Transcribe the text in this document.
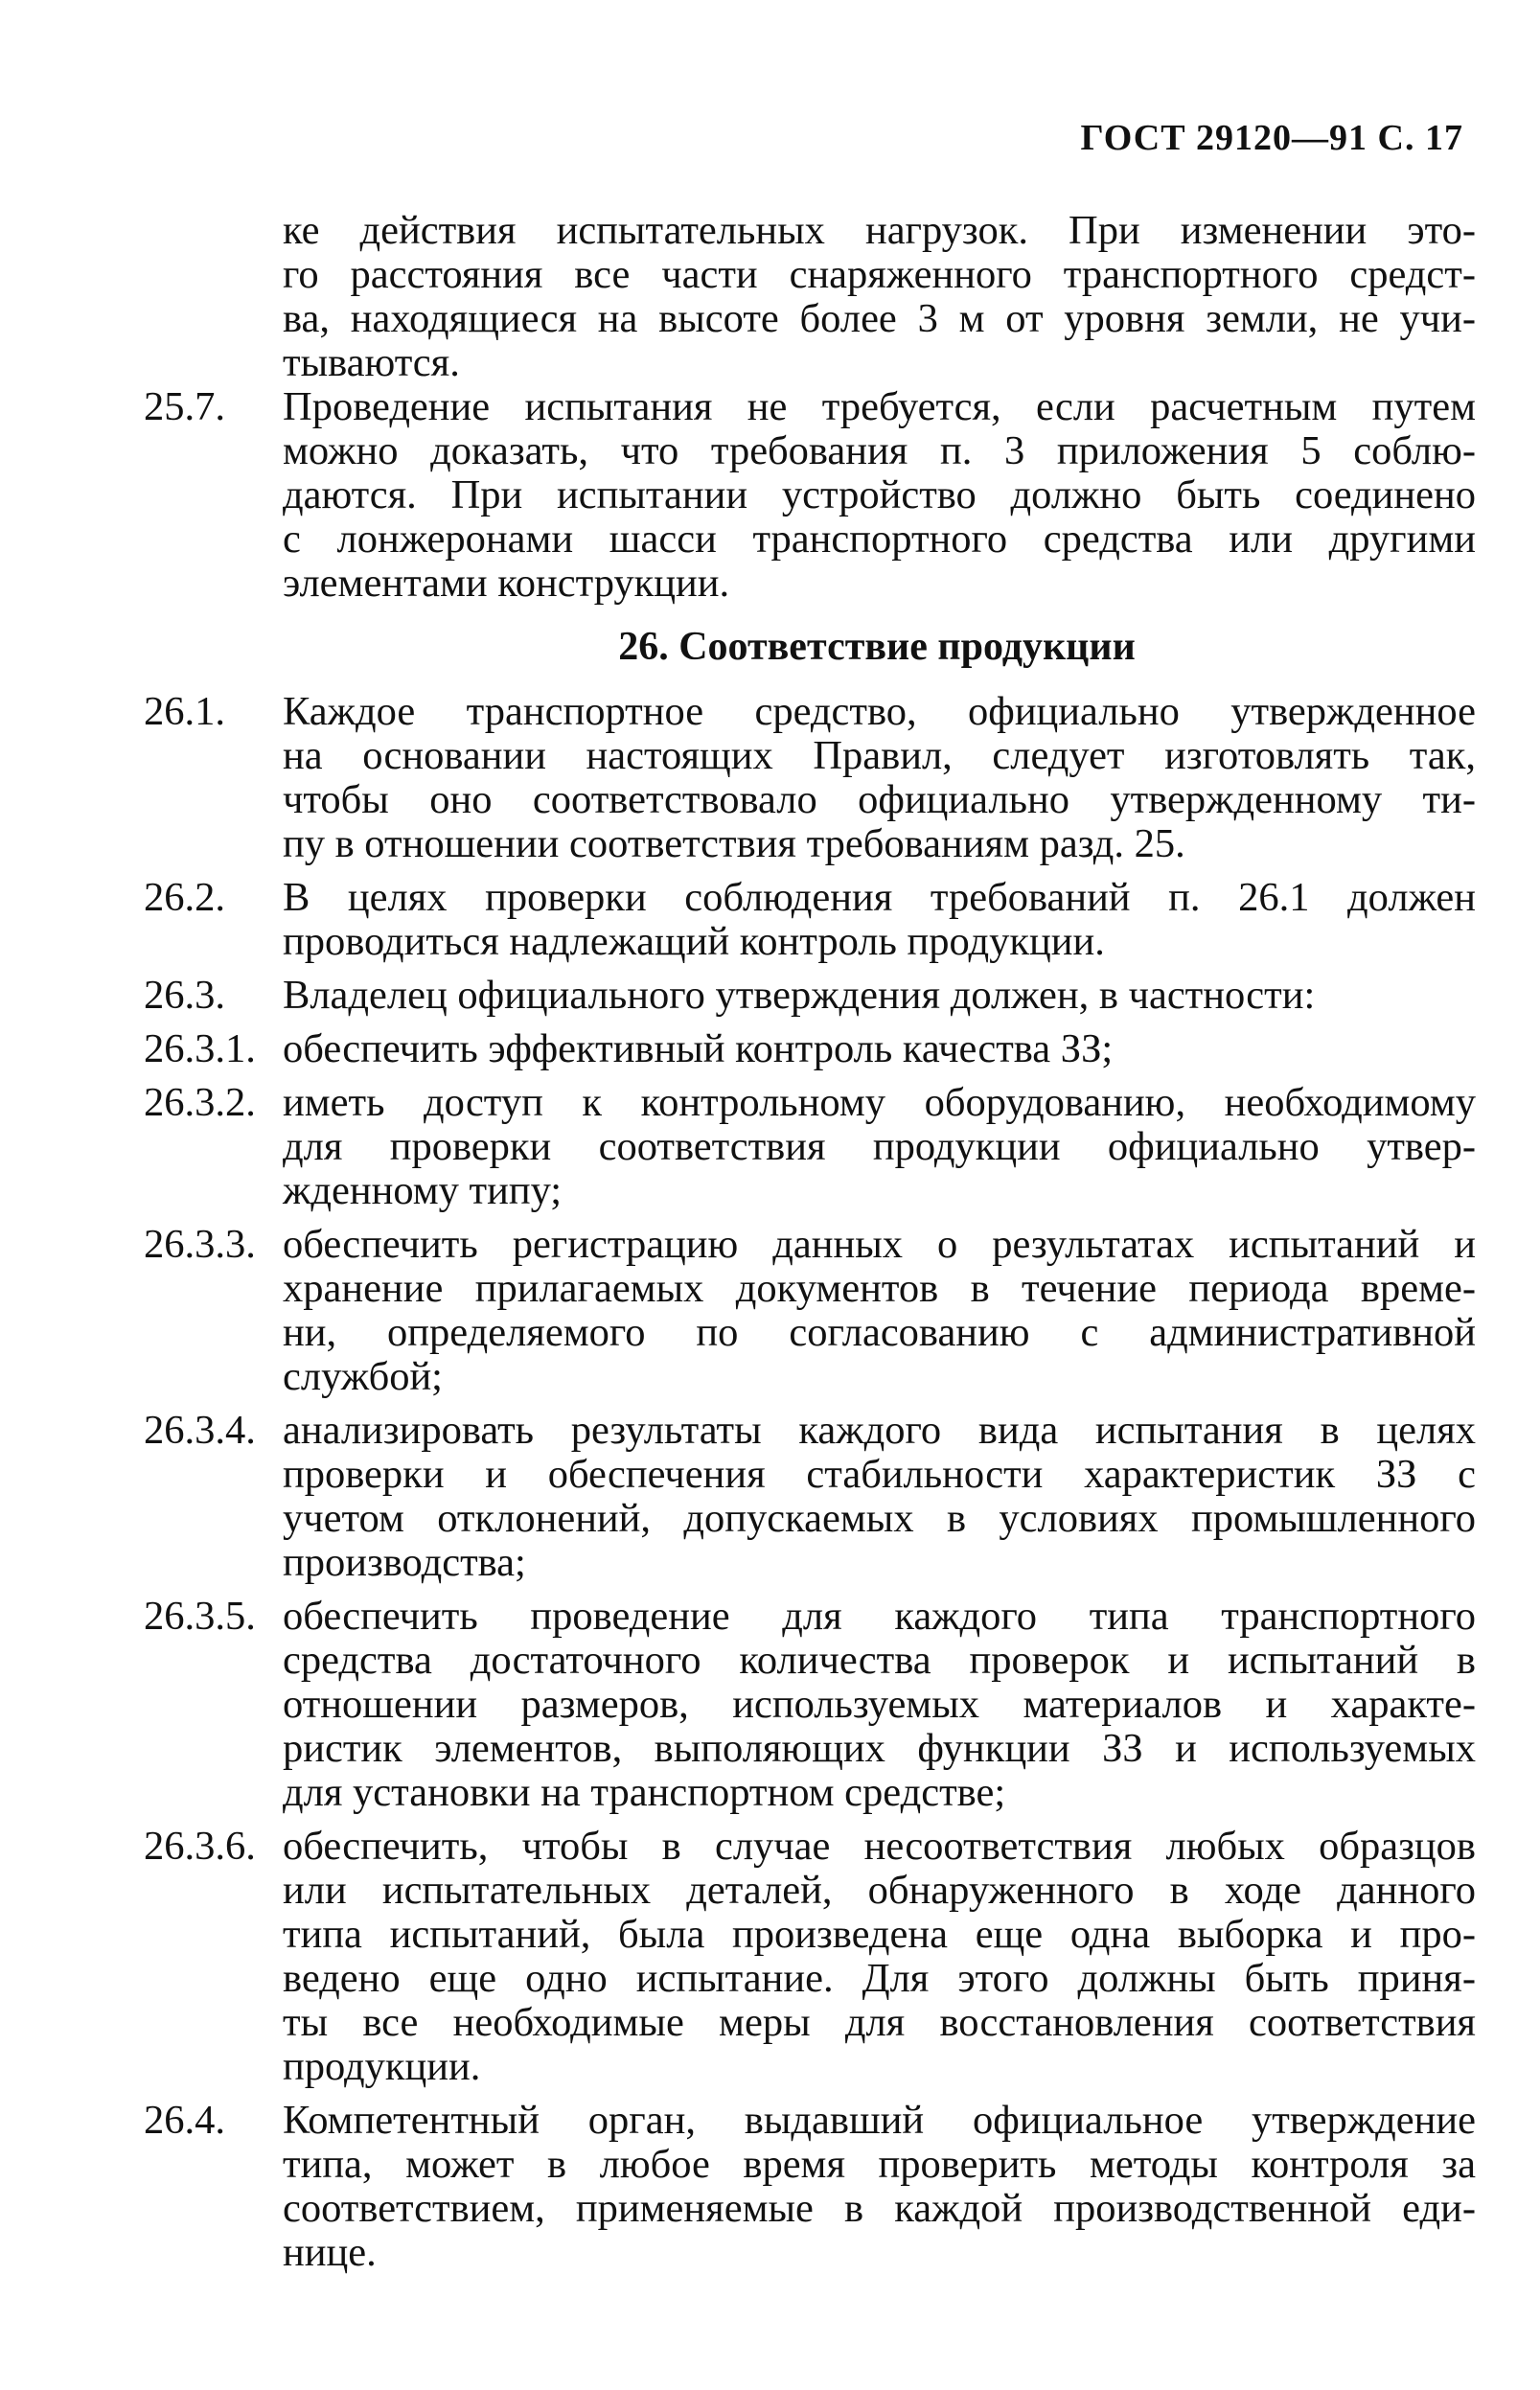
ГОСТ 29120—91 С. 17
ке действия испытательных нагрузок. При изменении это-
го расстояния все части снаряженного транспортного средст-
ва, находящиеся на высоте более 3 м от уровня земли, не учи-
тываются.
25.7.	Проведение испытания не требуется, если расчетным путем
можно доказать, что требования п. 3 приложения 5 соблю-
даются. При испытании устройство должно быть соединено
с лонжеронами шасси транспортного средства или другими
элементами конструкции.
26. Соответствие продукции
26.1.	Каждое транспортное средство, официально утвержденное
на основании настоящих Правил, следует изготовлять так,
чтобы оно соответствовало официально утвержденному ти-
пу в отношении соответствия требованиям разд. 25.
26.2.	В целях проверки соблюдения требований п. 26.1 должен
проводиться надлежащий контроль продукции.
26.3.	Владелец официального утверждения должен, в частности:
26.3.1. обеспечить эффективный контроль качества ЗЗ;
26.3.2. иметь доступ к контрольному оборудованию, необходимому
для проверки соответствия продукции официально утвер-
жденному типу;
26.3.3. обеспечить регистрацию данных о результатах испытаний и
хранение прилагаемых документов в течение периода време-
ни, определяемого по согласованию с административной
службой;
26.3.4. анализировать результаты каждого вида испытания в целях
проверки и обеспечения стабильности характеристик ЗЗ с
учетом отклонений, допускаемых в условиях промышленного
производства;
26.3.5. обеспечить проведение для каждого типа транспортного
средства достаточного количества проверок и испытаний в
отношении размеров, используемых материалов и характе-
ристик элементов, выполяющих функции ЗЗ и используемых
для установки на транспортном средстве;
26.3.6. обеспечить, чтобы в случае несоответствия любых образцов
или испытательных деталей, обнаруженного в ходе данного
типа испытаний, была произведена еще одна выборка и про-
ведено еще одно испытание. Для этого должны быть приня-
ты все необходимые меры для восстановления соответствия
продукции.
26.4.	Компетентный орган, выдавший официальное утверждение
типа, может в любое время проверить методы контроля за
соответствием, применяемые в каждой производственной еди-
нице.
